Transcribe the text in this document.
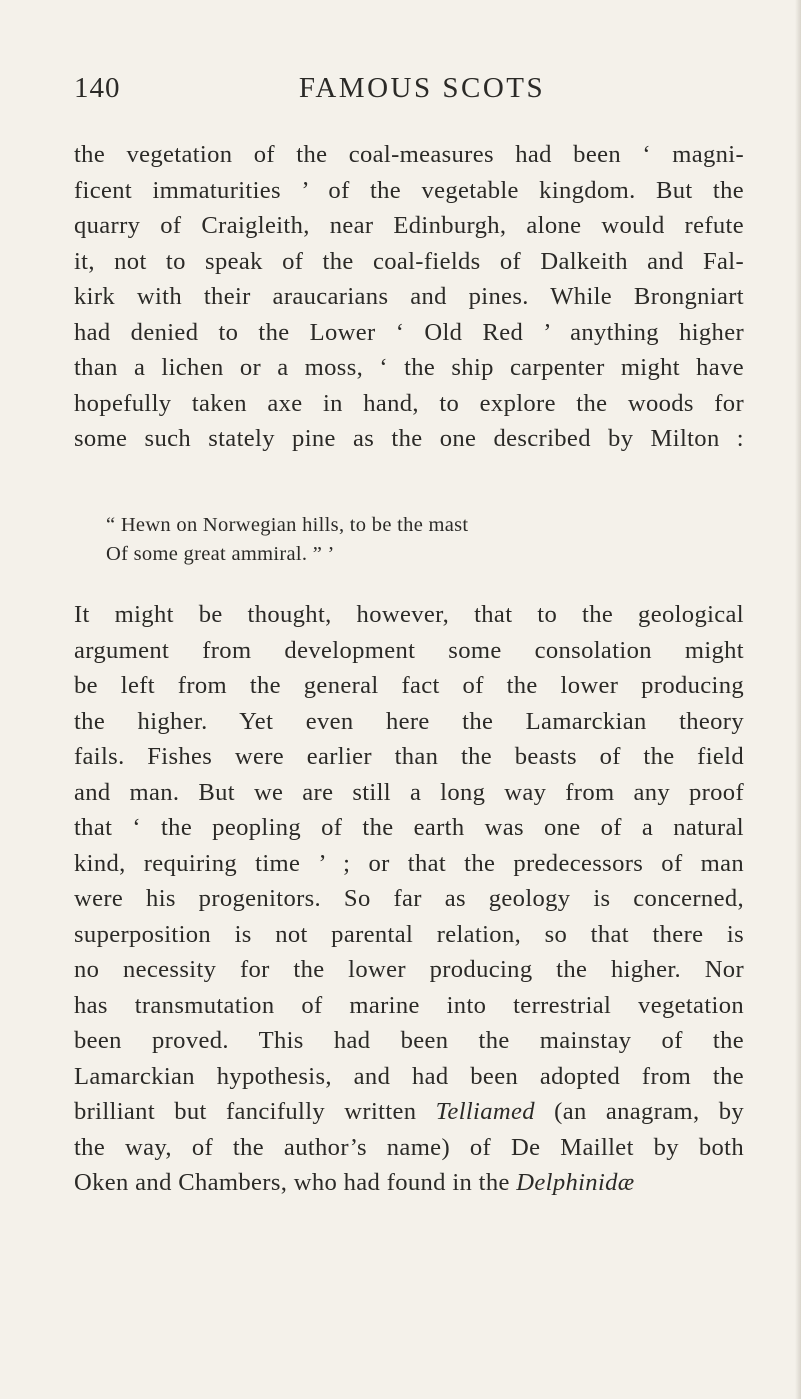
140	FAMOUS SCOTS
the vegetation of the coal-measures had been ‘ magni-
ficent immaturities ’ of the vegetable kingdom. But the
quarry of Craigleith, near Edinburgh, alone would refute
it, not to speak of the coal-fields of Dalkeith and Fal-
kirk with their araucarians and pines. While Brongniart
had denied to the Lower ‘ Old Red ’ anything higher
than a lichen or a moss, ‘ the ship carpenter might have
hopefully taken axe in hand, to explore the woods for
some such stately pine as the one described by Milton :
“ Hewn on Norwegian hills, to be the mast
Of some great ammiral. ” ’
It might be thought, however, that to the geological
argument from development some consolation might
be left from the general fact of the lower producing
the higher. Yet even here the Lamarckian theory
fails. Fishes were earlier than the beasts of the field
and man. But we are still a long way from any proof
that ‘ the peopling of the earth was one of a natural
kind, requiring time ’ ; or that the predecessors of man
were his progenitors. So far as geology is concerned,
superposition is not parental relation, so that there is
no necessity for the lower producing the higher. Nor
has transmutation of marine into terrestrial vegetation
been proved. This had been the mainstay of the
Lamarckian hypothesis, and had been adopted from the
brilliant but fancifully written Telliamed (an anagram, by
the way, of the author’s name) of De Maillet by both
Oken and Chambers, who had found in the Delphinidæ
